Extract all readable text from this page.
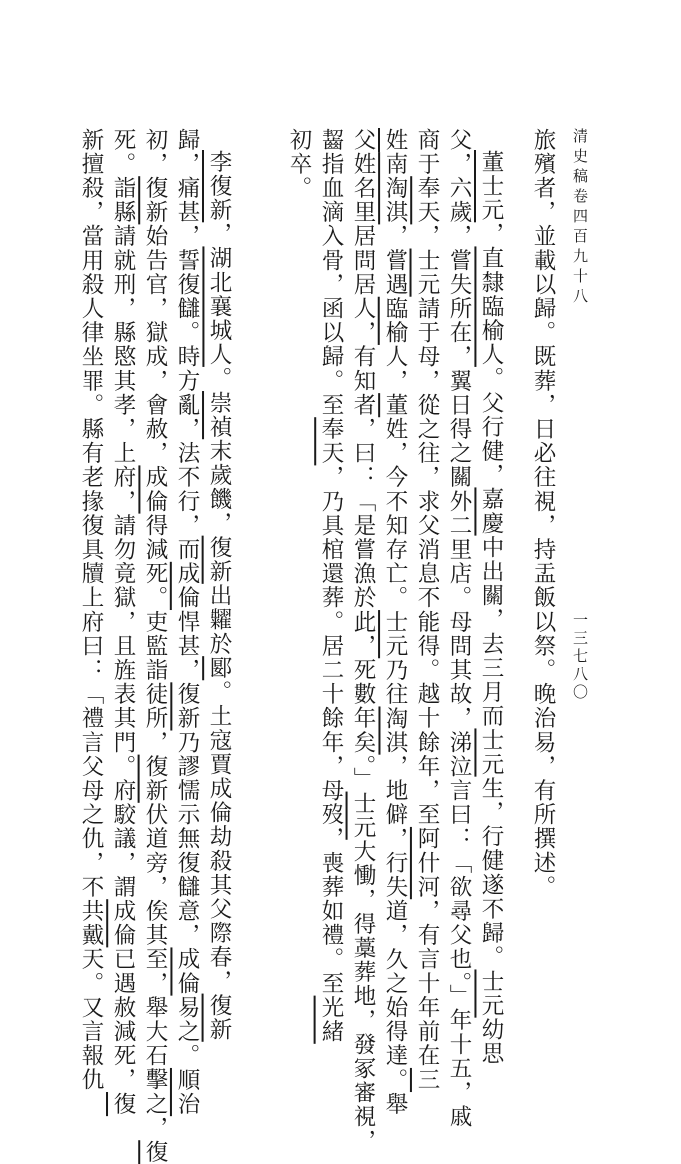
清史稿卷四百九十八
一三七八〇
旅殯者，並載以歸。既葬，日必往視，持盂飯以祭。晚治易，有所撰述。
董士元，直隸臨榆人。父行健，嘉慶中出關，去三月而士元生，行健遂不歸。士元幼思
父，六歲，嘗失所在，翼日得之關外二里店。母問其故，涕泣言曰：「欲尋父也。」年十五，戚
商于奉天，士元請于母，從之往，求父消息不能得。越十餘年，至阿什河，有言十年前在三
姓南淘淇，嘗遇臨榆人，董姓，今不知存亡。士元乃往淘淇，地僻，行失道，久之始得達。舉
父姓名里居問居人，有知者，曰：「是嘗漁於此，死數年矣。」士元大慟，得藁葬地，發冢審視，
齧指血滴入骨，函以歸。至奉天，乃具棺還葬。居二十餘年，母歿，喪葬如禮。至光緒
初卒。
李復新，湖北襄城人。崇禎末歲饑，復新出糶於郾。土寇賈成倫劫殺其父際春，復新
歸，痛甚，誓復讎。時方亂，法不行，而成倫悍甚，復新乃謬懦示無復讎意，成倫易之。順治
初，復新始告官，獄成，會赦，成倫得減死。吏監詣徒所，復新伏道旁，俟其至，舉大石擊之，復
死。詣縣請就刑，縣愍其孝，上府，請勿竟獄，且旌表其門。府駮議，謂成倫已遇赦減死，復
新擅殺，當用殺人律坐罪。縣有老掾復具牘上府曰：「禮言父母之仇，不共戴天。又言報仇
